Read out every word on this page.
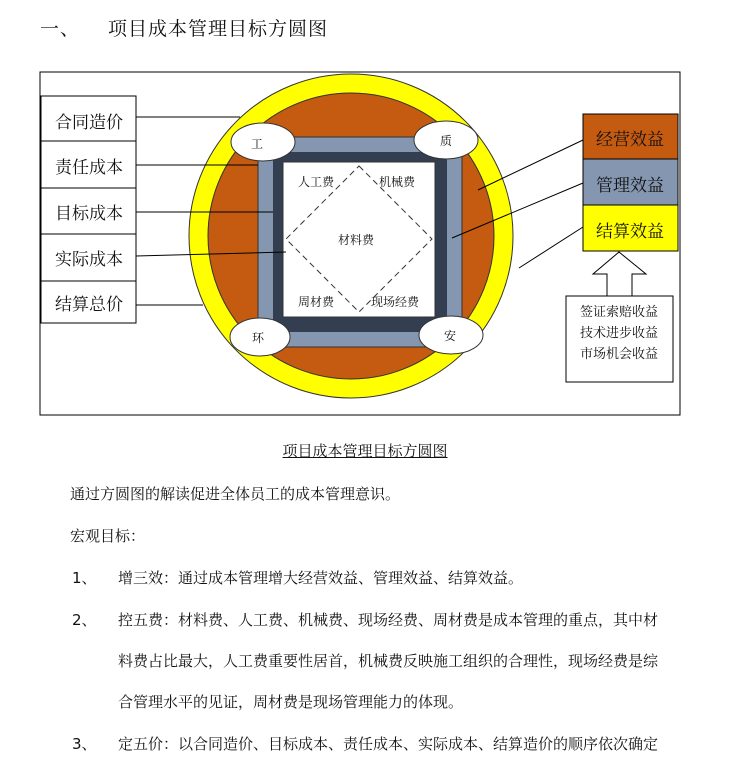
一、 项目成本管理目标方圆图
人工费	机械费
材料费
周材费	现场经费
工	质
环	安
合同造价
责任成本
目标成本
实际成本
结算总价
经营效益
管理效益
结算效益
签证索赔收益
技术进步收益
市场机会收益
项目成本管理目标方圆图
通过方圆图的解读促进全体员工的成本管理意识。
宏观目标：
1、 增三效：通过成本管理增大经营效益、管理效益、结算效益。
2、 控五费：材料费、人工费、机械费、现场经费、周材费是成本管理的重点，其中材
料费占比最大，人工费重要性居首，机械费反映施工组织的合理性，现场经费是综
合管理水平的见证，周材费是现场管理能力的体现。
3、 定五价：以合同造价、目标成本、责任成本、实际成本、结算造价的顺序依次确定
